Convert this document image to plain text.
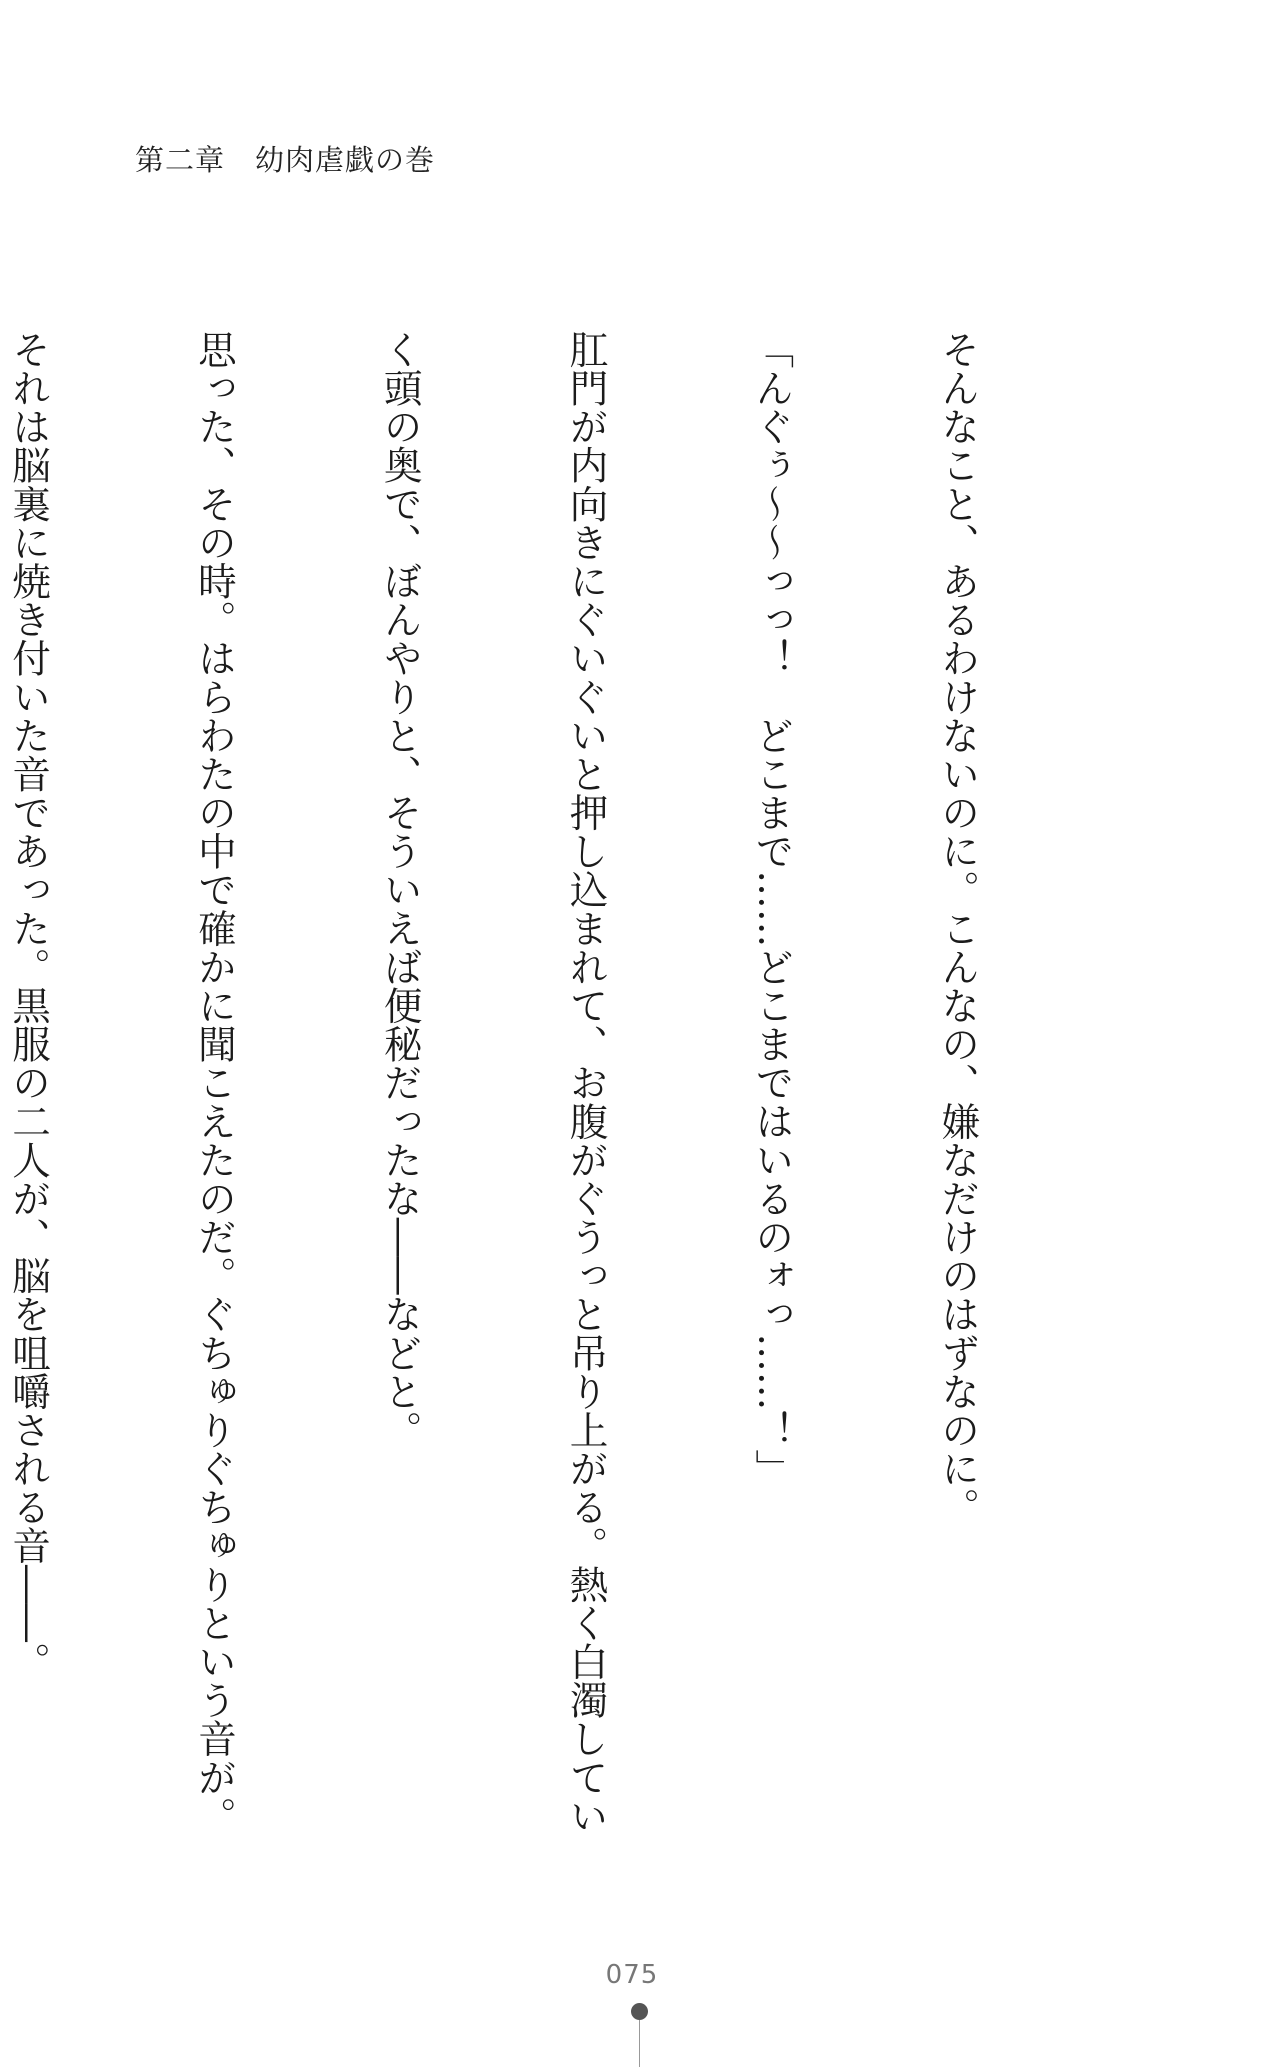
第二章　幼肉虐戯の巻

そんなこと、あるわけないのに。こんなの、嫌なだけのはずなのに。

「んぐぅ～～っっ！　どこまで……どこまではいるのォっ……！」

肛門が内向きにぐいぐいと押し込まれて、お腹がぐうっと吊り上がる。熱く白濁してい

く頭の奥で、ぼんやりと、そういえば便秘だったな――などと。

思った、その時。はらわたの中で確かに聞こえたのだ。ぐちゅりぐちゅりという音が。

それは脳裏に焼き付いた音であった。黒服の二人が、脳を咀嚼される音――。

075
